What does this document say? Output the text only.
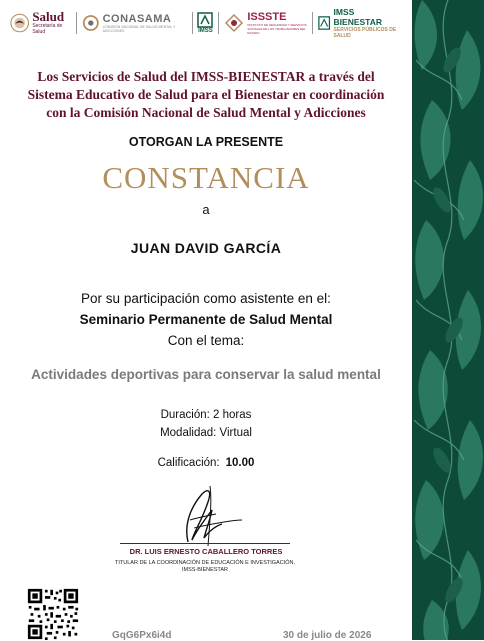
Salud
Secretaría de Salud
CONASAMA
COMISIÓN NACIONAL DE SALUD MENTAL Y ADICCIONES	IMSS
ISSSTE
INSTITUTO DE SEGURIDAD Y SERVICIOS SOCIALES DE LOS TRABAJADORES DEL ESTADO
IMSS BIENESTAR
SERVICIOS PÚBLICOS DE SALUD
Los Servicios de Salud del IMSS-BIENESTAR a través del
Sistema Educativo de Salud para el Bienestar en coordinación
con la Comisión Nacional de Salud Mental y Adicciones
OTORGAN LA PRESENTE
CONSTANCIA
a
JUAN DAVID GARCÍA
Por su participación como asistente en el:
Seminario Permanente de Salud Mental
Con el tema:
Actividades deportivas para conservar la salud mental
Duración: 2 horas
Modalidad: Virtual
Calificación: 10.00
DR. LUIS ERNESTO CABALLERO TORRES
TITULAR DE LA COORDINACIÓN DE EDUCACIÓN E INVESTIGACIÓN,
IMSS-BIENESTAR
GqG6Px6i4d	30 de julio de 2026
